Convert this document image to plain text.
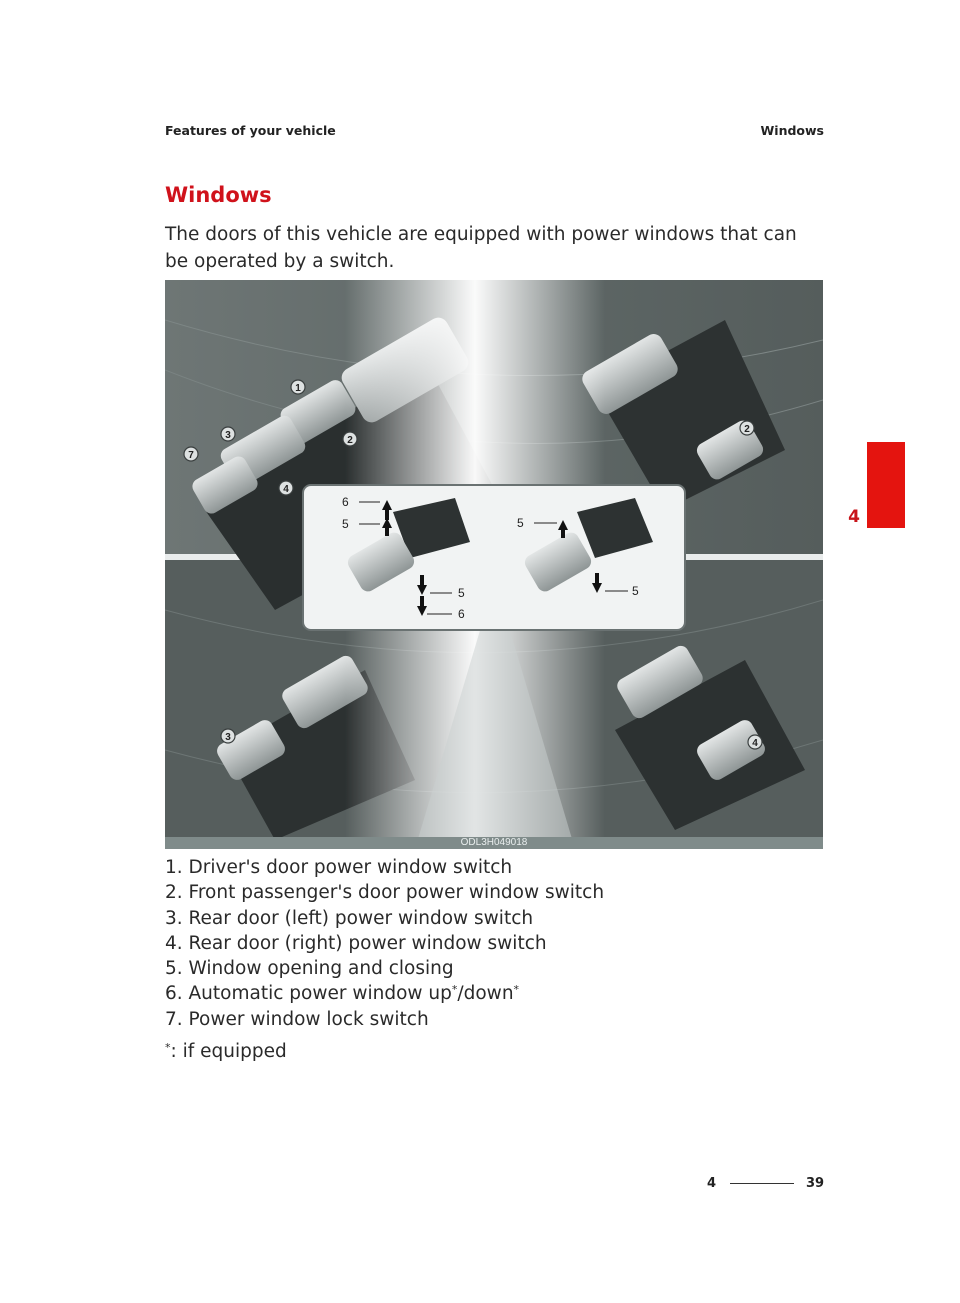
Features of your vehicle	Windows
4
Windows

The doors of this vehicle are equipped with power windows that can be operated by a switch.

1
2
3
4
7
2
3
4
6
5
5
6
5
5
ODL3H049018
1. Driver's door power window switch
2. Front passenger's door power window switch
3. Rear door (left) power window switch
4. Rear door (right) power window switch
5. Window opening and closing
6. Automatic power window up*/down*
7. Power window lock switch
*: if equipped
4	39
